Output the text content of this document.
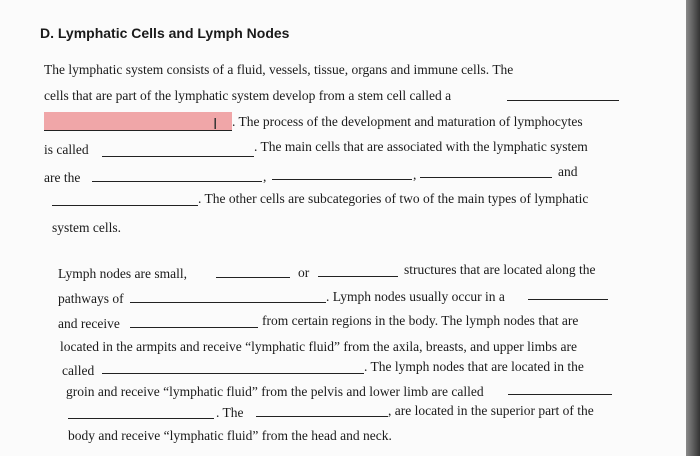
D. Lymphatic Cells and Lymph Nodes
The lymphatic system consists of a fluid, vessels, tissue, organs and immune cells. The
cells that are part of the lymphatic system develop from a stem cell called a
I . The process of the development and maturation of lymphocytes
is called	. The main cells that are associated with the lymphatic system
are the	,	,	and
. The other cells are subcategories of two of the main types of lymphatic
system cells.
Lymph nodes are small,	or	structures that are located along the
pathways of	. Lymph nodes usually occur in a
and receive	from certain regions in the body. The lymph nodes that are
located in the armpits and receive “lymphatic fluid” from the axila, breasts, and upper limbs are
called	. The lymph nodes that are located in the
groin and receive “lymphatic fluid” from the pelvis and lower limb are called
. The	, are located in the superior part of the
body and receive “lymphatic fluid” from the head and neck.
